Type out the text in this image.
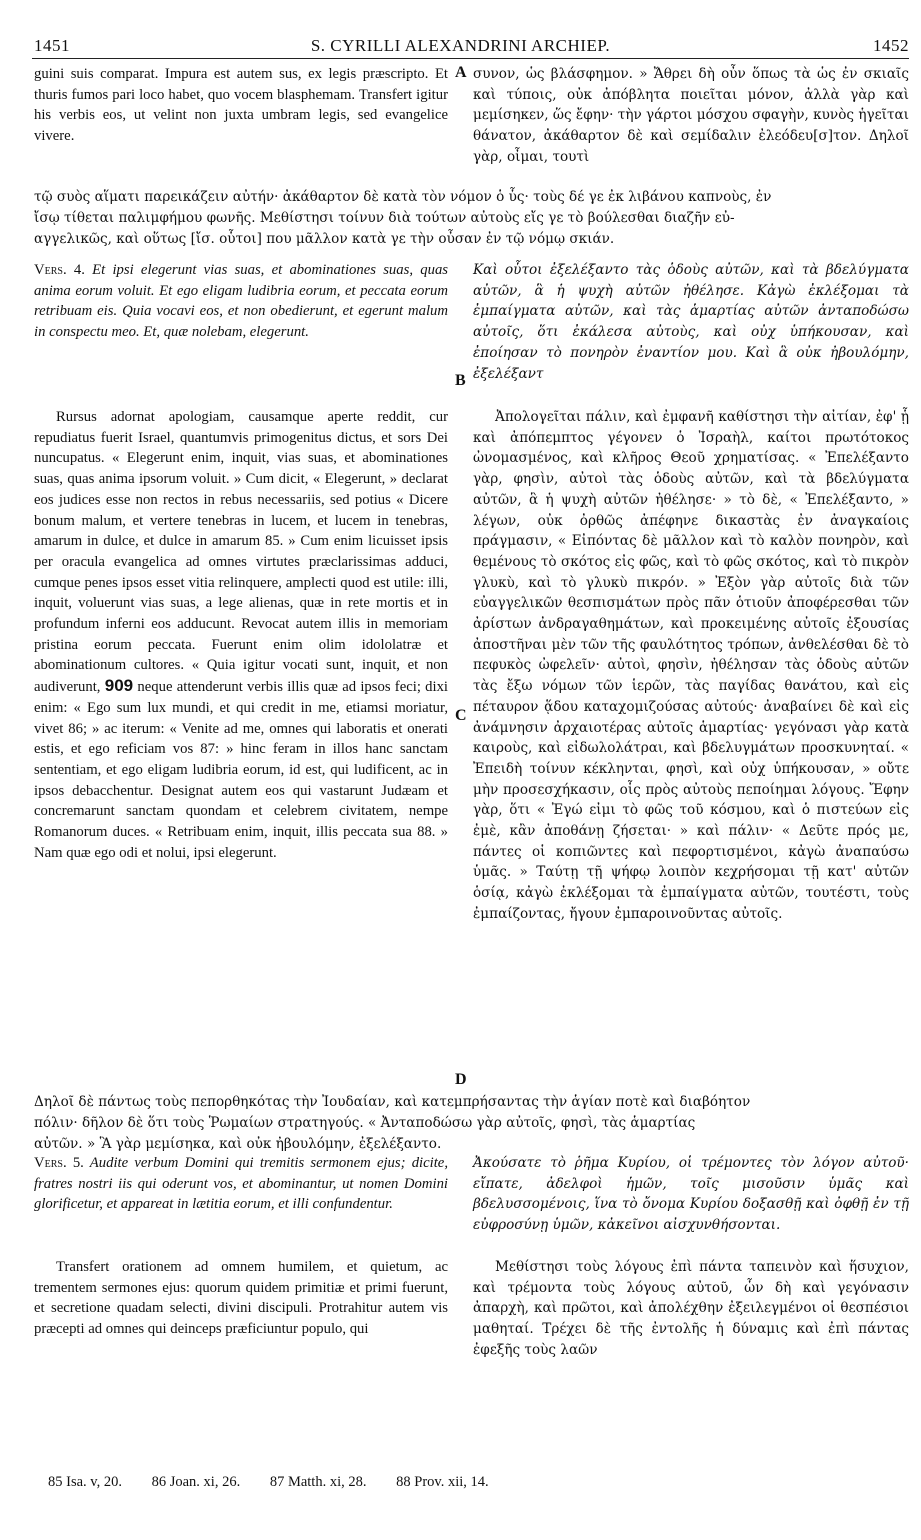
1451	S. CYRILLI ALEXANDRINI ARCHIEP.	1452

guini suis comparat. Impura est autem sus, ex legis præscripto. Et thuris fumos pari loco habet, quo vocem blasphemam. Transfert igitur his verbis eos, ut velint non juxta umbram legis, sed evangelice vivere.

Vers. 4. Et ipsi elegerunt vias suas, et abominationes suas, quas anima eorum voluit. Et ego eligam ludibria eorum, et peccata eorum retribuam eis. Quia vocavi eos, et non obedierunt, et egerunt malum in conspectu meo. Et, quæ nolebam, elegerunt.

Rursus adornat apologiam, causamque aperte reddit, cur repudiatus fuerit Israel, quantumvis primogenitus dictus, et sors Dei nuncupatus. « Elegerunt enim, inquit, vias suas, et abominationes suas, quas anima ipsorum voluit. » Cum dicit, « Elegerunt, » declarat eos judices esse non rectos in rebus necessariis, sed potius « Dicere bonum malum, et vertere tenebras in lucem, et lucem in tenebras, amarum in dulce, et dulce in amarum 85. » Cum enim licuisset ipsis per oracula evangelica ad omnes virtutes præclarissimas adduci, cumque penes ipsos esset vitia relinquere, amplecti quod est utile: illi, inquit, voluerunt vias suas, a lege alienas, quæ in rete mortis et in profundum inferni eos adducunt. Revocat autem illis in memoriam pristina eorum peccata. Fuerunt enim olim idololatræ et abominationum cultores. « Quia igitur vocati sunt, inquit, et non audiverunt, 909 neque attenderunt verbis illis quæ ad ipsos feci; dixi enim: « Ego sum lux mundi, et qui credit in me, etiamsi moriatur, vivet 86; » ac iterum: « Venite ad me, omnes qui laboratis et onerati estis, et ego reficiam vos 87: » hinc feram in illos hanc sanctam sententiam, et ego eligam ludibria eorum, id est, qui ludificent, ac in ipsos debacchentur. Designat autem eos qui vastarunt Judæam et concremarunt sanctam quondam et celebrem civitatem, nempe Romanorum duces. « Retribuam enim, inquit, illis peccata sua 88. » Nam quæ ego odi et nolui, ipsi elegerunt.

Vers. 5. Audite verbum Domini qui tremitis sermonem ejus; dicite, fratres nostri iis qui oderunt vos, et abominantur, ut nomen Domini glorificetur, et appareat in lætitia eorum, et illi confundentur.

Transfert orationem ad omnem humilem, et quietum, ac trementem sermones ejus: quorum quidem primitiæ et primi fuerunt, et secretione quadam selecti, divini discipuli. Protrahitur autem vis præcepti ad omnes qui deinceps præficiuntur populo, qui

συνον, ὡς βλάσφημον. » Ἄθρει δὴ οὖν ὅπως τὰ ὡς ἐν σκιαῖς καὶ τύποις, οὐκ ἀπόβλητα ποιεῖται μόνον, ἀλλὰ γὰρ καὶ μεμίσηκεν, ὥς ἔφην· τὴν γάρτοι μόσχου σφαγὴν, κυνὸς ἡγεῖται θάνατον, ἀκάθαρτον δὲ καὶ σεμίδαλιν ἐλεόδευ[σ]τον. Δηλοῖ γὰρ, οἶμαι, τουτὶ

Καὶ οὗτοι ἐξελέξαντο τὰς ὁδοὺς αὐτῶν, καὶ τὰ βδελύγματα αὐτῶν, ἃ ἡ ψυχὴ αὐτῶν ἠθέλησε. Κἀγὼ ἐκλέξομαι τὰ ἐμπαίγματα αὐτῶν, καὶ τὰς ἁμαρτίας αὐτῶν ἀνταποδώσω αὐτοῖς, ὅτι ἐκάλεσα αὐτοὺς, καὶ οὐχ ὑπήκουσαν, καὶ ἐποίησαν τὸ πονηρὸν ἐναντίον μου. Καὶ ἃ οὐκ ἠβουλόμην, ἐξελέξαντ

Ἀπολογεῖται πάλιν, καὶ ἐμφανῆ καθίστησι τὴν αἰτίαν, ἐφ' ᾗ καὶ ἀπόπεμπτος γέγονεν ὁ Ἰσραὴλ, καίτοι πρωτότοκος ὠνομασμένος, καὶ κλῆρος Θεοῦ χρηματίσας. « Ἐπελέξαντο γὰρ, φησὶν, αὐτοὶ τὰς ὁδοὺς αὐτῶν, καὶ τὰ βδελύγματα αὐτῶν, ἃ ἡ ψυχὴ αὐτῶν ἠθέλησε· » τὸ δὲ, « Ἐπελέξαντο, » λέγων, οὐκ ὀρθῶς ἀπέφηνε δικαστὰς ἐν ἀναγκαίοις πράγμασιν, « Εἰπόντας δὲ μᾶλλον καὶ τὸ καλὸν πονηρὸν, καὶ θεμένους τὸ σκότος εἰς φῶς, καὶ τὸ φῶς σκότος, καὶ τὸ πικρὸν γλυκὺ, καὶ τὸ γλυκὺ πικρόν. » Ἐξὸν γὰρ αὐτοῖς διὰ τῶν εὐαγγελικῶν θεσπισμάτων πρὸς πᾶν ὁτιοῦν ἀποφέρεσθαι τῶν ἀρίστων ἀνδραγαθημάτων, καὶ προκειμένης αὐτοῖς ἐξουσίας ἀποστῆναι μὲν τῶν τῆς φαυλότητος τρόπων, ἀνθελέσθαι δὲ τὸ πεφυκὸς ὠφελεῖν· αὐτοὶ, φησὶν, ἠθέλησαν τὰς ὁδοὺς αὐτῶν τὰς ἔξω νόμων τῶν ἱερῶν, τὰς παγίδας θανάτου, καὶ εἰς πέταυρον ᾅδου καταχομιζούσας αὐτούς· ἀναβαίνει δὲ καὶ εἰς ἀνάμνησιν ἀρχαιοτέρας αὐτοῖς ἁμαρτίας· γεγόνασι γὰρ κατὰ καιροὺς, καὶ εἰδωλολάτραι, καὶ βδελυγμάτων προσκυνηταί. « Ἐπειδὴ τοίνυν κέκληνται, φησὶ, καὶ οὐχ ὑπήκουσαν, » οὔτε μὴν προσεσχήκασιν, οἷς πρὸς αὐτοὺς πεποίημαι λόγους. Ἔφην γὰρ, ὅτι « Ἐγώ εἰμι τὸ φῶς τοῦ κόσμου, καὶ ὁ πιστεύων εἰς ἐμὲ, κἂν ἀποθάνῃ ζήσεται· » καὶ πάλιν· « Δεῦτε πρός με, πάντες οἱ κοπιῶντες καὶ πεφορτισμένοι, κἀγὼ ἀναπαύσω ὑμᾶς. » Ταύτῃ τῇ ψήφῳ λοιπὸν κεχρήσομαι τῇ κατ' αὐτῶν ὁσίᾳ, κἀγὼ ἐκλέξομαι τὰ ἐμπαίγματα αὐτῶν, τουτέστι, τοὺς ἐμπαίζοντας, ἤγουν ἐμπαροινοῦντας αὐτοῖς.

Ἀκούσατε τὸ ῥῆμα Κυρίου, οἱ τρέμοντες τὸν λόγον αὐτοῦ· εἴπατε, ἀδελφοὶ ἡμῶν, τοῖς μισοῦσιν ὑμᾶς καὶ βδελυσσομένοις, ἵνα τὸ ὄνομα Κυρίου δοξασθῇ καὶ ὀφθῇ ἐν τῇ εὐφροσύνῃ ὑμῶν, κἀκεῖνοι αἰσχυνθήσονται.

Μεθίστησι τοὺς λόγους ἐπὶ πάντα ταπεινὸν καὶ ἥσυχιον, καὶ τρέμοντα τοὺς λόγους αὐτοῦ, ὧν δὴ καὶ γεγόνασιν ἀπαρχὴ, καὶ πρῶτοι, καὶ ἀπολέχθην ἐξειλεγμένοι οἱ θεσπέσιοι μαθηταί. Τρέχει δὲ τῆς ἐντολῆς ἡ δύναμις καὶ ἐπὶ πάντας ἐφεξῆς τοὺς λαῶν

τῷ συὸς αἵματι παρεικάζειν αὐτήν· ἀκάθαρτον δὲ κατὰ τὸν νόμον ὁ ὗς· τοὺς δέ γε ἐκ λιβάνου καπνοὺς, ἐν
ἴσῳ τίθεται παλιμφήμου φωνῆς. Μεθίστησι τοίνυν διὰ τούτων αὐτοὺς εἴς γε τὸ βούλεσθαι διαζῆν εὐ-
αγγελικῶς, καὶ οὕτως [ἴσ. οὗτοι] που μᾶλλον κατὰ γε τὴν οὖσαν ἐν τῷ νόμῳ σκιάν.
Δηλοῖ δὲ πάντως τοὺς πεπορθηκότας τὴν Ἰουδαίαν, καὶ κατεμπρήσαντας τὴν ἁγίαν ποτὲ καὶ διαβόητον
πόλιν· δῆλον δὲ ὅτι τοὺς Ῥωμαίων στρατηγούς. « Ἀνταποδώσω γὰρ αὐτοῖς, φησὶ, τὰς ἁμαρτίας
αὐτῶν. » Ἃ γὰρ μεμίσηκα, καὶ οὐκ ἠβουλόμην, ἐξελέξαντο.
A
B
C
D
85 Isa. v, 20. 86 Joan. xi, 26. 87 Matth. xi, 28. 88 Prov. xii, 14.
